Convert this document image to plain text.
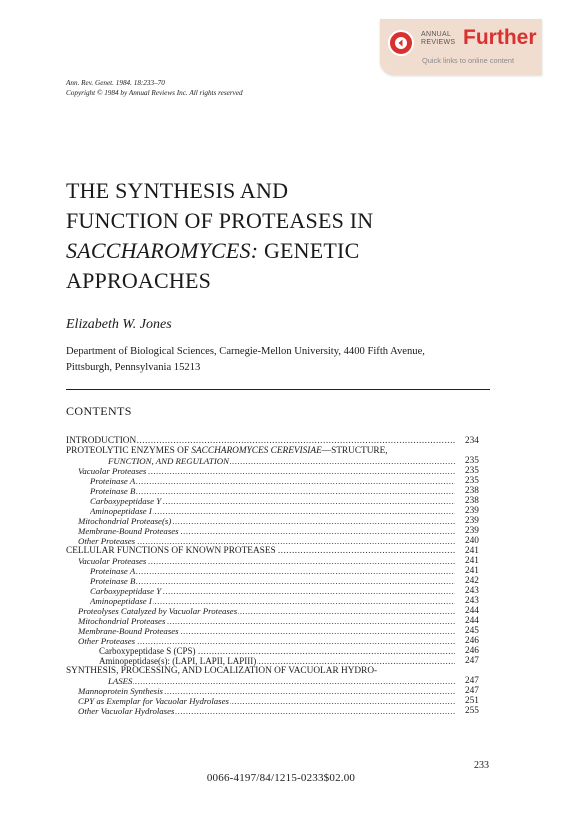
ANNUAL
REVIEWS Further
Quick links to online content
Ann. Rev. Genet. 1984. 18:233–70
Copyright © 1984 by Annual Reviews Inc. All rights reserved
THE SYNTHESIS AND
FUNCTION OF PROTEASES IN
SACCHAROMYCES: GENETIC
APPROACHES
Elizabeth W. Jones
Department of Biological Sciences, Carnegie-Mellon University, 4400 Fifth Avenue,
Pittsburgh, Pennsylvania 15213
CONTENTS
INTRODUCTION .....	234
PROTEOLYTIC ENZYMES OF SACCHAROMYCES CEREVISIAE—STRUCTURE,
FUNCTION, AND REGULATION .....	235
Vacuolar Proteases .....	235
Proteinase A .....	235
Proteinase B .....	238
Carboxypeptidase Y .....	238
Aminopeptidase I .....	239
Mitochondrial Protease(s) .....	239
Membrane-Bound Proteases .....	239
Other Proteases .....	240
CELLULAR FUNCTIONS OF KNOWN PROTEASES .....	241
Vacuolar Proteases .....	241
Proteinase A .....	241
Proteinase B .....	242
Carboxypeptidase Y .....	243
Aminopeptidase I .....	243
Proteolyses Catalyzed by Vacuolar Proteases .....	244
Mitochondrial Proteases .....	244
Membrane-Bound Proteases .....	245
Other Proteases .....	246
Carboxypeptidase S (CPS) .....	246
Aminopeptidase(s): (LAPI, LAPII, LAPIII) .....	247
SYNTHESIS, PROCESSING, AND LOCALIZATION OF VACUOLAR HYDRO-
LASES .....	247
Mannoprotein Synthesis .....	247
CPY as Exemplar for Vacuolar Hydrolases .....	251
Other Vacuolar Hydrolases .....	255
233
0066-4197/84/1215-0233$02.00
